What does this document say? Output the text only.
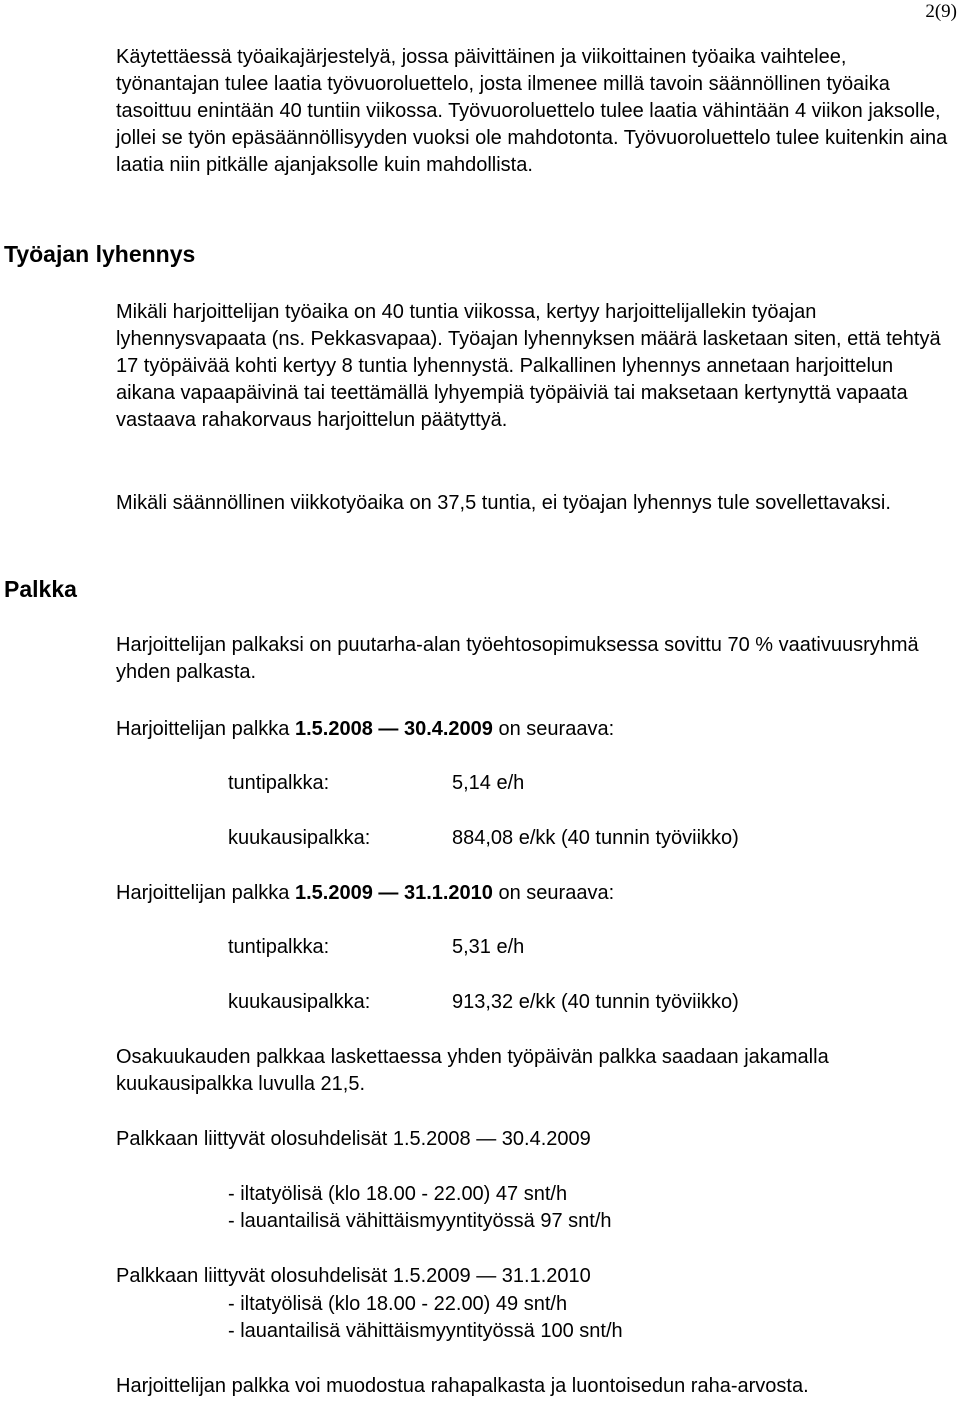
2(9)

Käytettäessä työaikajärjestelyä, jossa päivittäinen ja viikoittainen työaika vaihtelee, työnantajan tulee laatia työvuoroluettelo, josta ilmenee millä tavoin säännöllinen työaika tasoittuu enintään 40 tuntiin viikossa. Työvuoroluettelo tulee laatia vähintään 4 viikon jaksolle, jollei se työn epäsäännöllisyyden vuoksi ole mahdotonta. Työvuoroluettelo tulee kuitenkin aina laatia niin pitkälle ajanjaksolle kuin mahdollista.

Työajan lyhennys

Mikäli harjoittelijan työaika on 40 tuntia viikossa, kertyy harjoittelijallekin työajan lyhennysvapaata (ns. Pekkasvapaa). Työajan lyhennyksen määrä lasketaan siten, että tehtyä 17 työpäivää kohti kertyy 8 tuntia lyhennystä. Palkallinen lyhennys annetaan harjoittelun aikana vapaapäivinä tai teettämällä lyhyempiä työpäiviä tai maksetaan kertynyttä vapaata vastaava rahakorvaus harjoittelun päätyttyä.

Mikäli säännöllinen viikkotyöaika on 37,5 tuntia, ei työajan lyhennys tule sovellettavaksi.

Palkka

Harjoittelijan palkaksi on puutarha-alan työehtosopimuksessa sovittu 70 % vaativuusryhmä yhden palkasta.

Harjoittelijan palkka 1.5.2008 — 30.4.2009 on seuraava:
tuntipalkka:	5,14 e/h
kuukausipalkka:	884,08 e/kk (40 tunnin työviikko)
Harjoittelijan palkka 1.5.2009 — 31.1.2010 on seuraava:
tuntipalkka:	5,31 e/h
kuukausipalkka:	913,32 e/kk (40 tunnin työviikko)

Osakuukauden palkkaa laskettaessa yhden työpäivän palkka saadaan jakamalla kuukausipalkka luvulla 21,5.

Palkkaan liittyvät olosuhdelisät 1.5.2008 — 30.4.2009
- iltatyölisä (klo 18.00 - 22.00) 47 snt/h
- lauantailisä vähittäismyyntityössä 97 snt/h
Palkkaan liittyvät olosuhdelisät 1.5.2009 — 31.1.2010
- iltatyölisä (klo 18.00 - 22.00) 49 snt/h
- lauantailisä vähittäismyyntityössä 100 snt/h
Harjoittelijan palkka voi muodostua rahapalkasta ja luontoisedun raha-arvosta.
